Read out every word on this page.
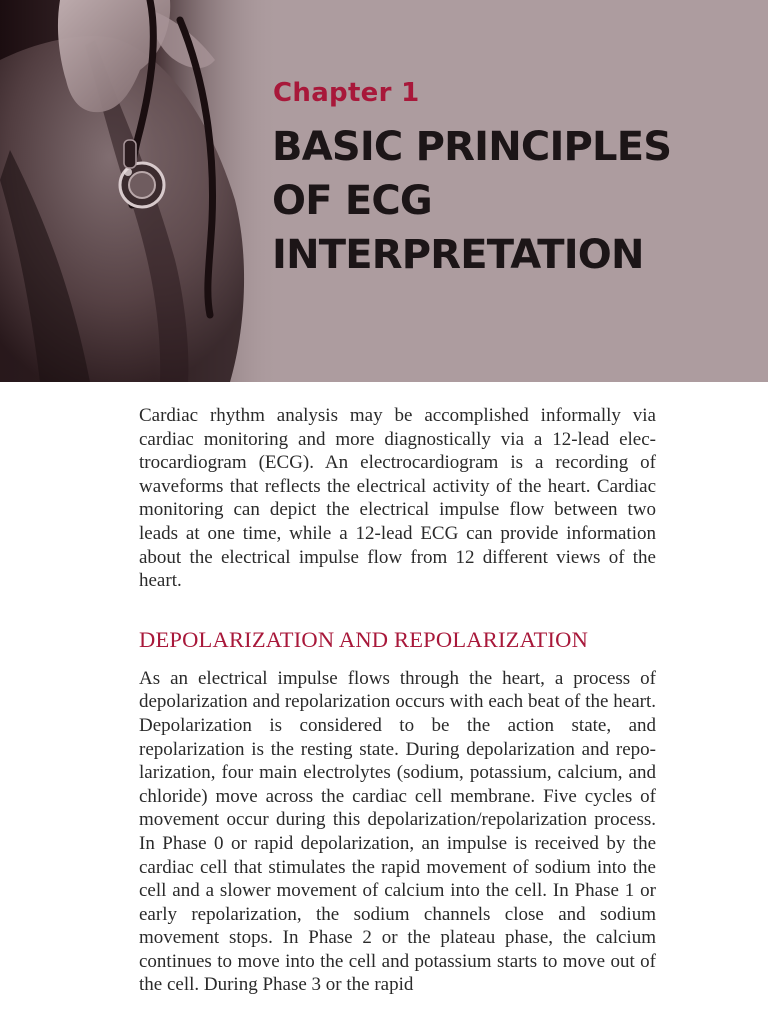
Chapter 1
BASIC PRINCIPLES
OF ECG
INTERPRETATION

Cardiac rhythm analysis may be accomplished informally via cardiac monitoring and more diagnostically via a 12-lead electrocardiogram (ECG). An electrocardiogram is a recording of waveforms that reflects the electrical activity of the heart. Cardiac monitoring can depict the electrical impulse flow between two leads at one time, while a 12-lead ECG can provide information about the electrical impulse flow from 12 different views of the heart.

DEPOLARIZATION AND REPOLARIZATION

As an electrical impulse flows through the heart, a process of depolarization and repolarization occurs with each beat of the heart. Depolarization is considered to be the action state, and repolarization is the resting state. During depolarization and repolarization, four main electrolytes (sodium, potassium, calcium, and chloride) move across the cardiac cell membrane. Five cycles of movement occur during this depolarization/repolarization process. In Phase 0 or rapid depolarization, an impulse is received by the cardiac cell that stimulates the rapid movement of sodium into the cell and a slower movement of calcium into the cell. In Phase 1 or early repolarization, the sodium channels close and sodium movement stops. In Phase 2 or the plateau phase, the calcium continues to move into the cell and potassium starts to move out of the cell. During Phase 3 or the rapid
